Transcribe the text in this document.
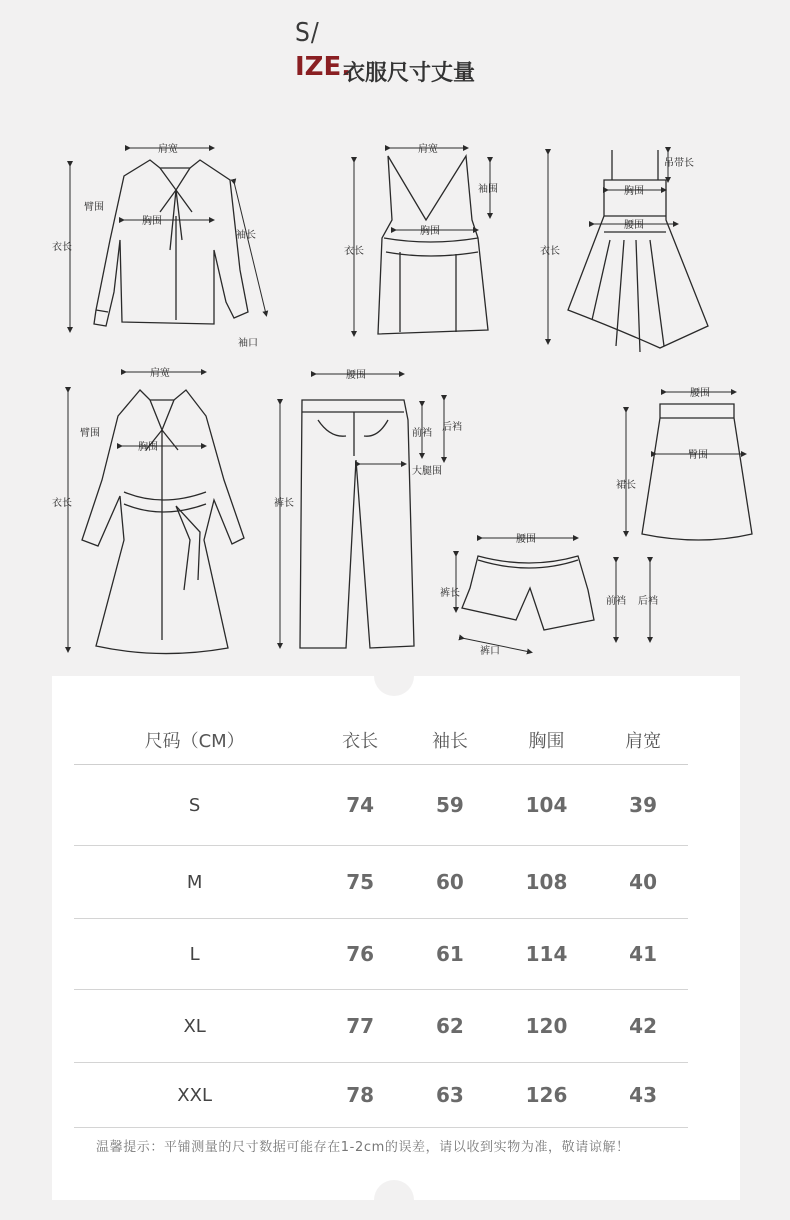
S/
IZE.
衣服尺寸丈量
肩宽
臂围
胸围
衣长
袖长
袖口
肩宽
衣长
袖围
胸围
吊带长
胸围
腰围
衣长
肩宽
臂围
胸围
衣长
腰围
裤长
前裆
后裆
大腿围
腰围
臀围
裙长
腰围
裤长
前裆 后裆
裤口
尺码（CM）	衣长	袖长	胸围	肩宽
S	74	59	104	39
M	75	60	108	40
L	76	61	114	41
XL	77	62	120	42
XXL	78	63	126	43
温馨提示：平铺测量的尺寸数据可能存在1-2cm的误差，请以收到实物为准，敬请谅解！
